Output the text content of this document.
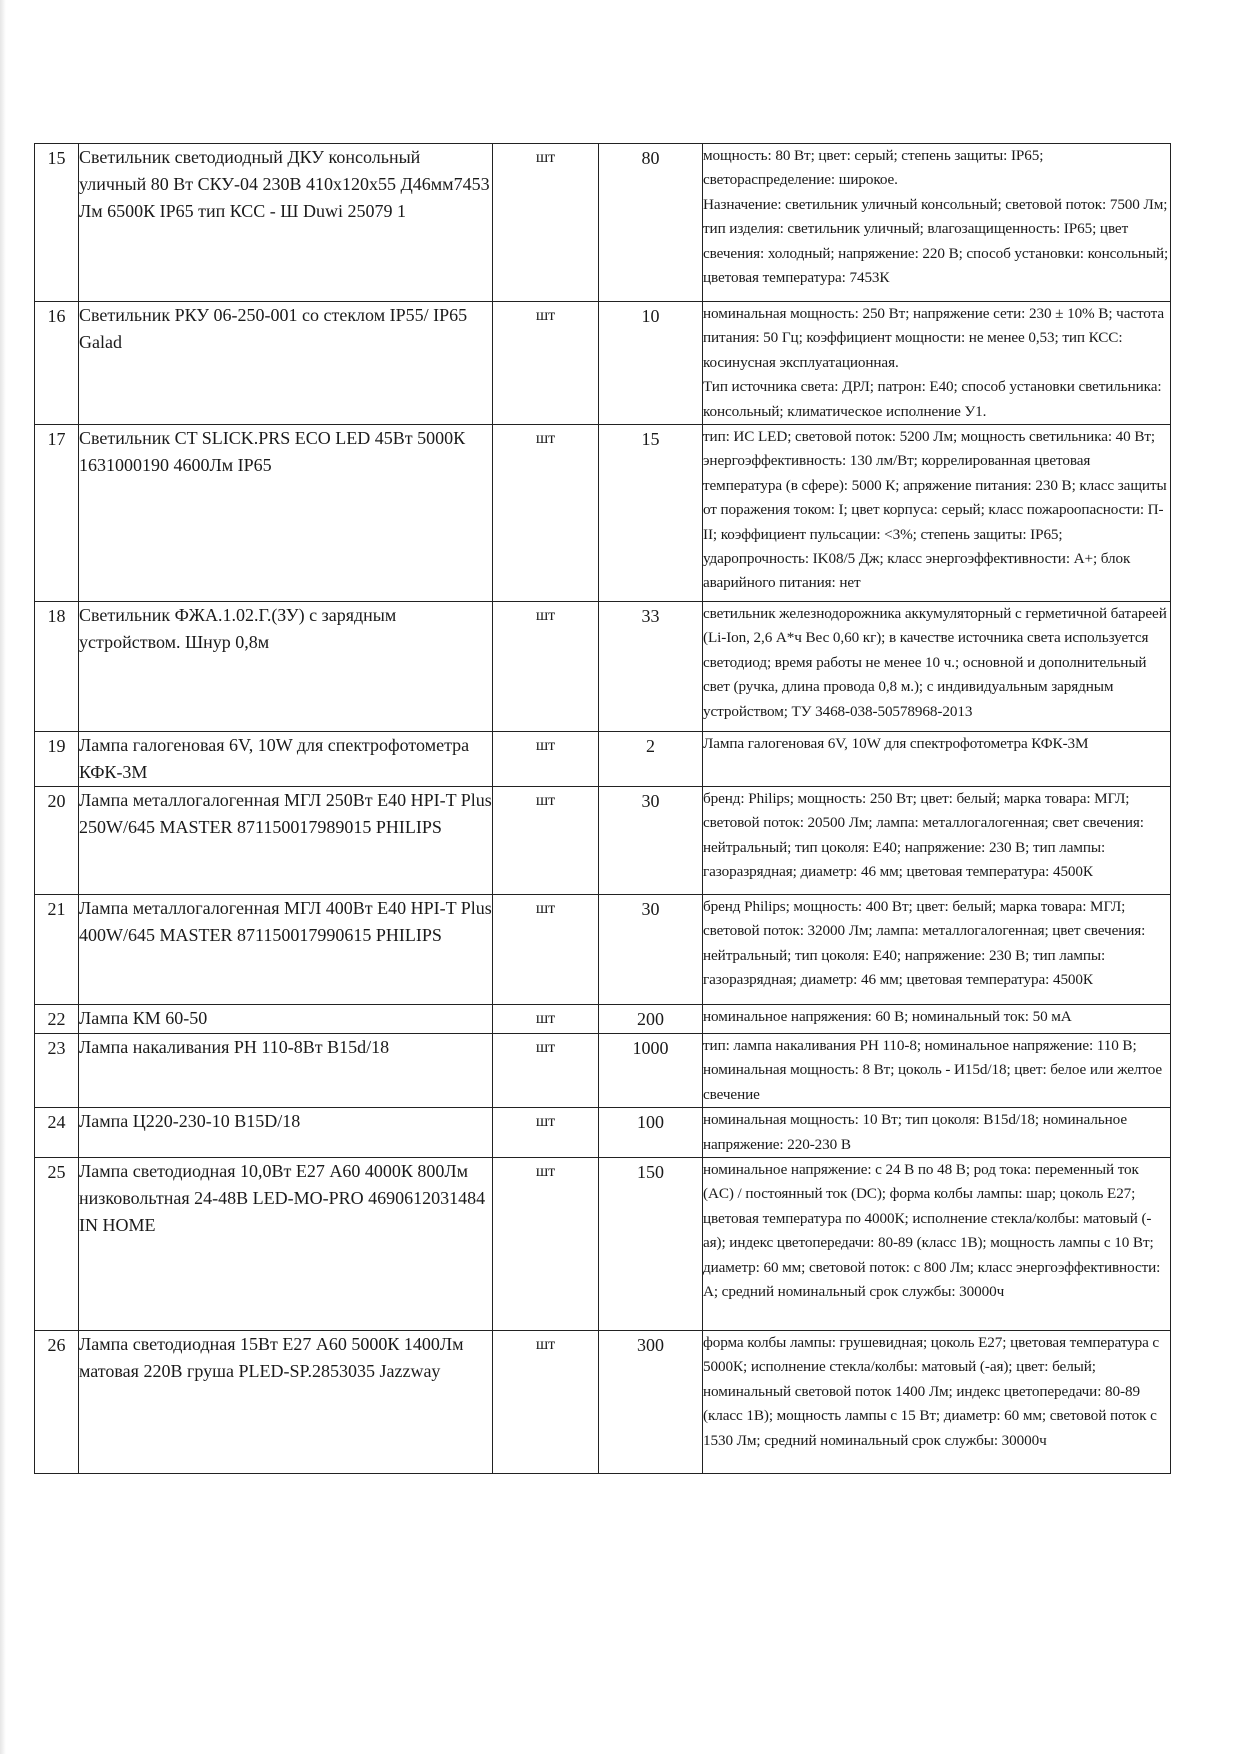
15	Светильник светодиодный ДКУ консольный уличный 80 Вт СКУ-04 230В 410х120х55 Д46мм7453 Лм 6500К IP65 тип КСС - Ш Duwi 25079 1	шт	80	мощность: 80 Вт; цвет: серый; степень защиты: IP65; светораспределение: широкое.
Назначение: светильник уличный консольный; световой поток: 7500 Лм; тип изделия: светильник уличный; влагозащищенность: IP65; цвет свечения: холодный; напряжение: 220 В; способ установки: консольный; цветовая температура: 7453К
16	Светильник РКУ 06-250-001 со стеклом IP55/ IP65 Galad	шт	10	номинальная мощность: 250 Вт; напряжение сети: 230 ± 10% В; частота питания: 50 Гц; коэффициент мощности: не менее 0,53; тип КСС: косинусная эксплуатационная.
Тип источника света: ДРЛ; патрон: Е40; способ установки светильника: консольный; климатическое исполнение У1.
17	Светильник CT SLICK.PRS ECO LED 45Вт 5000К 1631000190 4600Лм IP65	шт	15	тип: ИС LED; световой поток: 5200 Лм; мощность светильника: 40 Вт; энергоэффективность: 130 лм/Вт; коррелированная цветовая температура (в сфере): 5000 К; апряжение питания: 230 В; класс защиты от поражения током: I; цвет корпуса: серый; класс пожароопасности: П-II; коэффициент пульсации: <3%; степень защиты: IP65; ударопрочность: IK08/5 Дж; класс энергоэффективности: А+; блок аварийного питания: нет
18	Светильник ФЖА.1.02.Г.(ЗУ) с зарядным устройством. Шнур 0,8м	шт	33	светильник железнодорожника аккумуляторный с герметичной батареей (Li-Ion, 2,6 А*ч Вес 0,60 кг); в качестве источника света используется светодиод; время работы не менее 10 ч.; основной и дополнительный свет (ручка, длина провода 0,8 м.); с индивидуальным зарядным устройством; ТУ 3468-038-50578968-2013
19	Лампа галогеновая 6V, 10W для спектрофотометра КФК-3М	шт	2	Лампа галогеновая 6V, 10W для спектрофотометра КФК-3М
20	Лампа металлогалогенная МГЛ 250Вт Е40 HPI-T Plus 250W/645 MASTER 871150017989015 PHILIPS	шт	30	бренд: Philips; мощность: 250 Вт; цвет: белый; марка товара: МГЛ; световой поток: 20500 Лм; лампа: металлогалогенная; свет свечения: нейтральный; тип цоколя: Е40; напряжение: 230 В; тип лампы: газоразрядная; диаметр: 46 мм; цветовая температура: 4500К
21	Лампа металлогалогенная МГЛ 400Вт Е40 HPI-T Plus 400W/645 MASTER 871150017990615 PHILIPS	шт	30	бренд Philips; мощность: 400 Вт; цвет: белый; марка товара: МГЛ; световой поток: 32000 Лм; лампа: металлогалогенная; цвет свечения: нейтральный; тип цоколя: Е40; напряжение: 230 В; тип лампы: газоразрядная; диаметр: 46 мм; цветовая температура: 4500К
22	Лампа КМ 60-50	шт	200	номинальное напряжения: 60 В; номинальный ток: 50 мА
23	Лампа накаливания РН 110-8Вт B15d/18	шт	1000	тип: лампа накаливания РН 110-8; номинальное напряжение: 110 В; номинальная мощность: 8 Вт; цоколь - И15d/18; цвет: белое или желтое свечение
24	Лампа Ц220-230-10 B15D/18	шт	100	номинальная мощность: 10 Вт; тип цоколя: B15d/18; номинальное напряжение: 220-230 В
25	Лампа светодиодная 10,0Вт Е27 А60 4000К 800Лм низковольтная 24-48В LED-MO-PRO 4690612031484 IN HOME	шт	150	номинальное напряжение: с 24 В по 48 В; род тока: переменный ток (AC) / постоянный ток (DC); форма колбы лампы: шар; цоколь Е27; цветовая температура по 4000К; исполнение стекла/колбы: матовый (-ая); индекс цветопередачи: 80-89 (класс 1В); мощность лампы с 10 Вт; диаметр: 60 мм; световой поток: с 800 Лм; класс энергоэффективности: А; средний номинальный срок службы: 30000ч
26	Лампа светодиодная 15Вт Е27 А60 5000К 1400Лм матовая 220В груша PLED-SP.2853035 Jazzway	шт	300	форма колбы лампы: грушевидная; цоколь Е27; цветовая температура с 5000К; исполнение стекла/колбы: матовый (-ая); цвет: белый; номинальный световой поток 1400 Лм; индекс цветопередачи: 80-89 (класс 1В); мощность лампы с 15 Вт; диаметр: 60 мм; световой поток с 1530 Лм; средний номинальный срок службы: 30000ч
